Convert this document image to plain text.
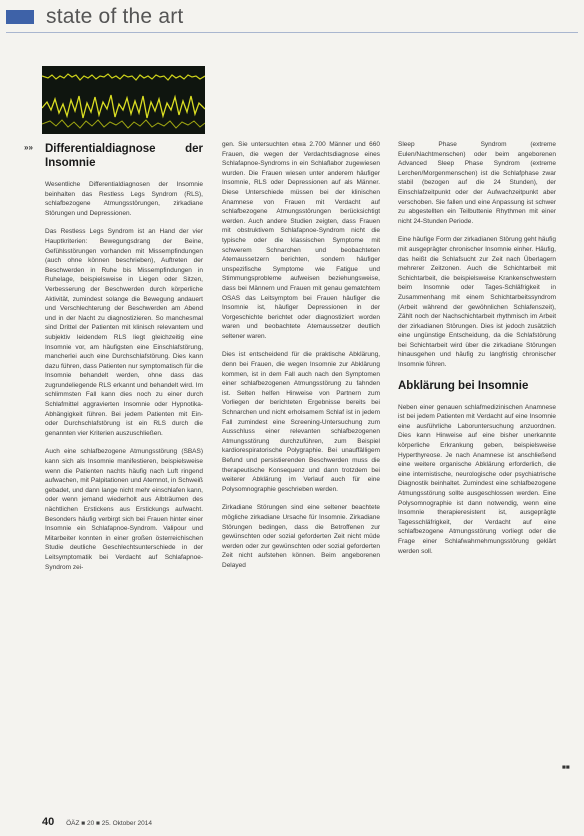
state of the art
»» Differentialdiagnose der Insomnie

Wesentliche Differentialdiagnosen der Insomnie beinhalten das Restless Legs Syndrom (RLS), schlafbezogene Atmungsstörungen, zirkadiane Störungen und Depressionen.

Das Restless Legs Syndrom ist an Hand der vier Hauptkriterien: Bewegungsdrang der Beine, Gefühlsstörungen vorhanden mit Missempfindungen (auch ohne können beschrieben), Auftreten der Beschwerden in Ruhe bis Missempfindungen in Ruhelage, beispielsweise in Liegen oder Sitzen, Verbesserung der Beschwerden durch körperliche Aktivität, zumindest solange die Bewegung andauert und Verschlechterung der Beschwerden am Abend und in der Nacht zu diagnostizieren. So manchesmal sind Drittel der Patienten mit klinisch relevantem und subjektiv leidendem RLS liegt gleichzeitig eine Insomnie vor, am häufigsten eine Einschlafstörung, mancherlei auch eine Durchschlafstörung. Dies kann dazu führen, dass Patienten nur symptomatisch für die Insomnie behandelt werden, ohne dass das zugrundeliegende RLS erkannt und behandelt wird. Im schlimmsten Fall kann dies noch zu einer durch Schlafmittel aggravierten Insomnie oder Hypnotika-Abhängigkeit führen. Bei jedem Patienten mit Ein- oder Durchschlafstörung ist ein RLS durch die genannten vier Kriterien auszuschließen.

Auch eine schlafbezogene Atmungsstörung (SBAS) kann sich als Insomnie manifestieren, beispielsweise wenn die Patienten nachts häufig nach Luft ringend aufwachen, mit Palpitationen und Atemnot, in Schweiß gebadet, und dann lange nicht mehr einschlafen kann, oder wenn jemand wiederholt aus Albträumen des nächtlichen Erstickens aus Erstickungs aufwacht. Besonders häufig verbirgt sich bei Frauen hinter einer Insomnie ein Schlafapnoe-Syndrom. Valipour und Mitarbeiter konnten in einer großen österreichischen Studie deutliche Geschlechtsunterschiede in der Leitsymptomatik bei Verdacht auf Schlafapnoe-Syndrom zei-

gen. Sie untersuchten etwa 2.700 Männer und 660 Frauen, die wegen der Verdachtsdiagnose eines Schlafapnoe-Syndroms in ein Schlaflabor zugewiesen wurden. Die Frauen wiesen unter anderem häufiger Insomnie, RLS oder Depressionen auf als Männer. Diese Unterschiede müssen bei der klinischen Anamnese von Frauen mit Verdacht auf schlafbezogene Atmungsstörungen berücksichtigt werden. Auch andere Studien zeigten, dass Frauen mit obstruktivem Schlafapnoe-Syndrom nicht die typische oder die klassischen Symptome mit schwerem Schnarchen und beobachteten Atemaussetzern berichten, sondern häufiger unspezifische Symptome wie Fatigue und Stimmungsprobleme aufweisen beziehungsweise, dass bei Männern und Frauen mit genau gematchtem OSAS das Leitsymptom bei Frauen häufiger die Insomnie ist, häufiger Depressionen in der Vorgeschichte berichtet oder diagnostiziert worden waren und beobachtete Atemaussetzer deutlich seltener waren.

Dies ist entscheidend für die praktische Abklärung, denn bei Frauen, die wegen Insomnie zur Abklärung kommen, ist in dem Fall auch nach den Symptomen einer schlafbezogenen Atmungsstörung zu fahnden ist. Selten helfen Hinweise von Partnern zum Vorliegen der berichteten Ergebnisse bereits bei Schnarchen und nicht erholsamem Schlaf ist in jedem Fall zumindest eine Screening-Untersuchung zum Ausschluss einer relevanten schlafbezogenen Atmungsstörung durchzuführen, zum Beispiel kardiorespiratorische Polygraphie. Bei unauffälligem Befund und persistierenden Beschwerden muss die therapeutische Konsequenz und dann trotzdem bei weiterer Abklärung im Verlauf auch für eine Polysomnographie geschrieben werden.

Zirkadiane Störungen sind eine seltener beachtete mögliche zirkadiane Ursache für Insomnie. Zirkadiane Störungen bedingen, dass die Betroffenen zur gewünschten oder sozial geforderten Zeit nicht müde werden oder zur gewünschten oder sozial geforderten Zeit nicht aufstehen können. Beim angeborenen Delayed

Sleep Phase Syndrom (extreme Eulen/Nachtmenschen) oder beim angeborenen Advanced Sleep Phase Syndrom (extreme Lerchen/Morgenmenschen) ist die Schlafphase zwar stabil (bezogen auf die 24 Stunden), der Einschlafzeitpunkt oder der Aufwachzeitpunkt aber verschoben. Sie fallen und eine Anpassung ist schwer zu abgestellten ein Teilbuttenie Rhythmen mit einer nicht 24-Stunden Periode.

Eine häufige Form der zirkadianen Störung geht häufig mit ausgeprägter chronischer Insomnie einher. Häufig, das heißt die Schlafsucht zur Zeit nach Überlagern mehrerer Zeitzonen. Auch die Schichtarbeit mit Schichtarbeit, die beispielsweise Krankenschwestern beim Insomnie oder Tages-Schläfrigkeit in Zusammenhang mit einem Schichtarbeitssyndrom (Arbeit während der gewöhnlichen Schlafenszeit), Zählt noch der Nachschichtarbeit rhythmisch im Arbeit der zirkadianen Störungen. Dies ist jedoch zusätzlich eine ungünstige Entscheidung, da die Schlafstörung bei Schichtarbeit wird über die zirkadiane Störungen hinausgehen und häufig zu langfristig chronischer Insomnie führen.

Abklärung bei Insomnie

Neben einer genauen schlafmedizinischen Anamnese ist bei jedem Patienten mit Verdacht auf eine Insomnie eine ausführliche Laboruntersuchung anzuordnen. Dies kann Hinweise auf eine bisher unerkannte körperliche Erkrankung geben, beispielsweise Hyperthyreose. Je nach Anamnese ist anschließend eine weitere organische Abklärung erforderlich, die eine internistische, neurologische oder psychiatrische Diagnostik beinhaltet. Zumindest eine schlafbezogene Atmungsstörung sollte ausgeschlossen werden. Eine Polysomnographie ist dann notwendig, wenn eine Insomnie therapieresistent ist, ausgeprägte Tagesschläfrigkeit, der Verdacht auf eine schlafbezogene Atmungsstörung vorliegt oder die Frage einer Schlafwahrnehmungsstörung geklärt werden soll.

■■
40 ÖÄZ ■ 20 ■ 25. Oktober 2014
